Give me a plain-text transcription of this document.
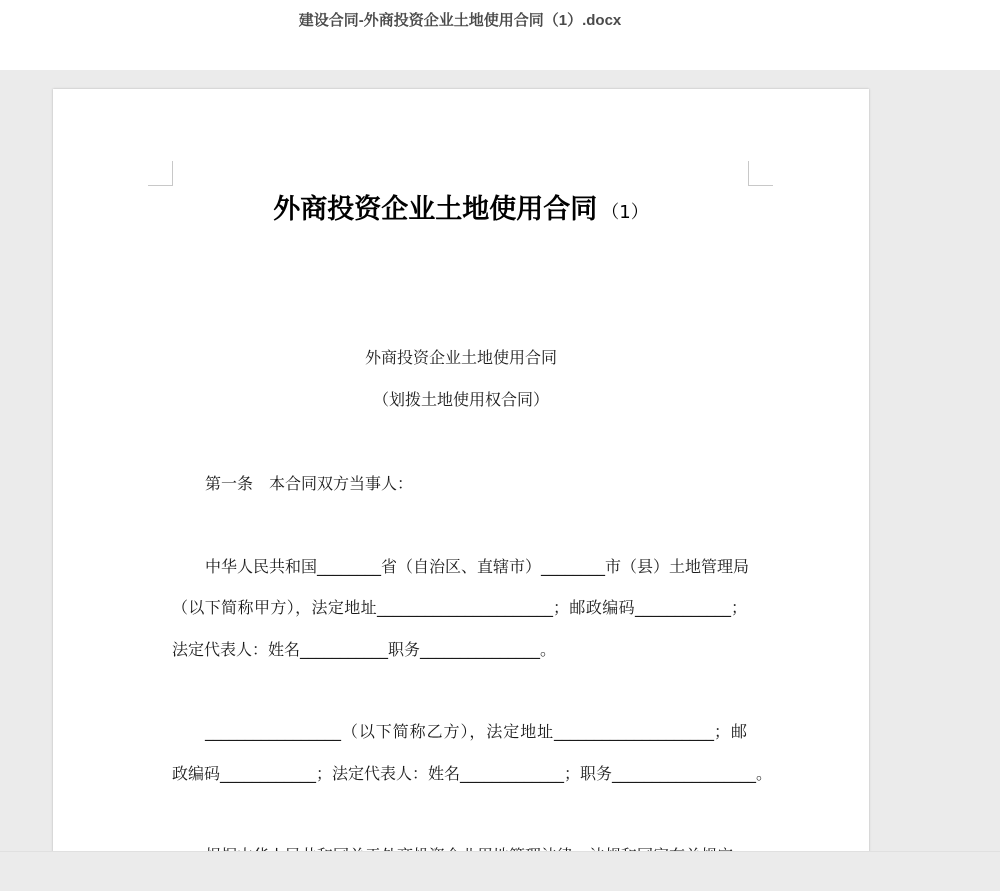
建设合同-外商投资企业土地使用合同（1）.docx
外商投资企业土地使用合同 （1）
外商投资企业土地使用合同
（划拨土地使用权合同）
第一条　本合同双方当事人：
中华人民共和国________省（自治区、直辖市）________市（县）土地管理局
（以下简称甲方），法定地址______________________；邮政编码____________；
法定代表人：姓名___________职务_______________。
_________________（以下简称乙方），法定地址____________________；邮
政编码____________；法定代表人：姓名_____________；职务__________________。
